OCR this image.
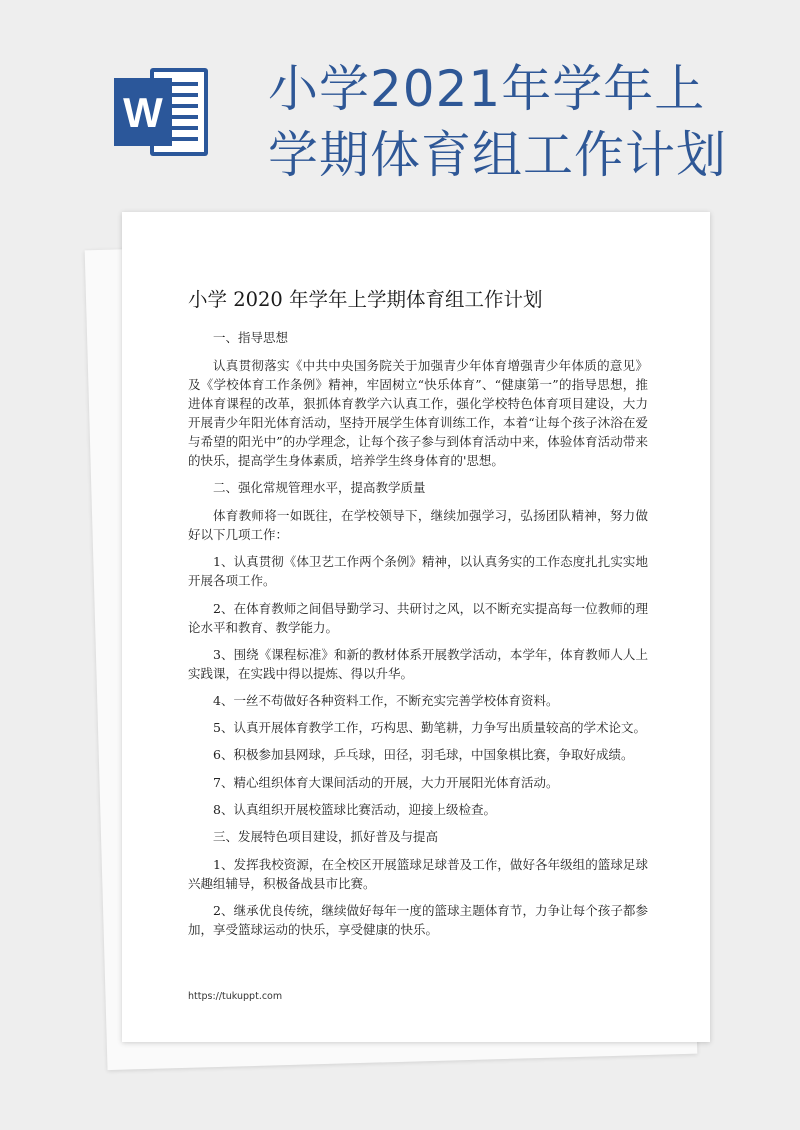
W 小学2021年学年上
学期体育组工作计划
小学 2020 年学年上学期体育组工作计划

一、指导思想

认真贯彻落实《中共中央国务院关于加强青少年体育增强青少年体质的意见》及《学校体育工作条例》精神，牢固树立“快乐体育”、“健康第一”的指导思想，推进体育课程的改革，狠抓体育教学六认真工作，强化学校特色体育项目建设，大力开展青少年阳光体育活动，坚持开展学生体育训练工作，本着“让每个孩子沐浴在爱与希望的阳光中”的办学理念，让每个孩子参与到体育活动中来，体验体育活动带来的快乐，提高学生身体素质，培养学生终身体育的'思想。

二、强化常规管理水平，提高教学质量

体育教师将一如既往，在学校领导下，继续加强学习，弘扬团队精神，努力做好以下几项工作：

1、认真贯彻《体卫艺工作两个条例》精神，以认真务实的工作态度扎扎实实地开展各项工作。

2、在体育教师之间倡导勤学习、共研讨之风，以不断充实提高每一位教师的理论水平和教育、教学能力。

3、围绕《课程标准》和新的教材体系开展教学活动，本学年，体育教师人人上实践课，在实践中得以提炼、得以升华。

4、一丝不苟做好各种资料工作，不断充实完善学校体育资料。

5、认真开展体育教学工作，巧构思、勤笔耕，力争写出质量较高的学术论文。

6、积极参加县网球，乒乓球，田径，羽毛球，中国象棋比赛，争取好成绩。

7、精心组织体育大课间活动的开展，大力开展阳光体育活动。

8、认真组织开展校篮球比赛活动，迎接上级检查。

三、发展特色项目建设，抓好普及与提高

1、发挥我校资源，在全校区开展篮球足球普及工作，做好各年级组的篮球足球兴趣组辅导，积极备战县市比赛。

2、继承优良传统，继续做好每年一度的篮球主题体育节，力争让每个孩子都参加，享受篮球运动的快乐，享受健康的快乐。

https://tukuppt.com
